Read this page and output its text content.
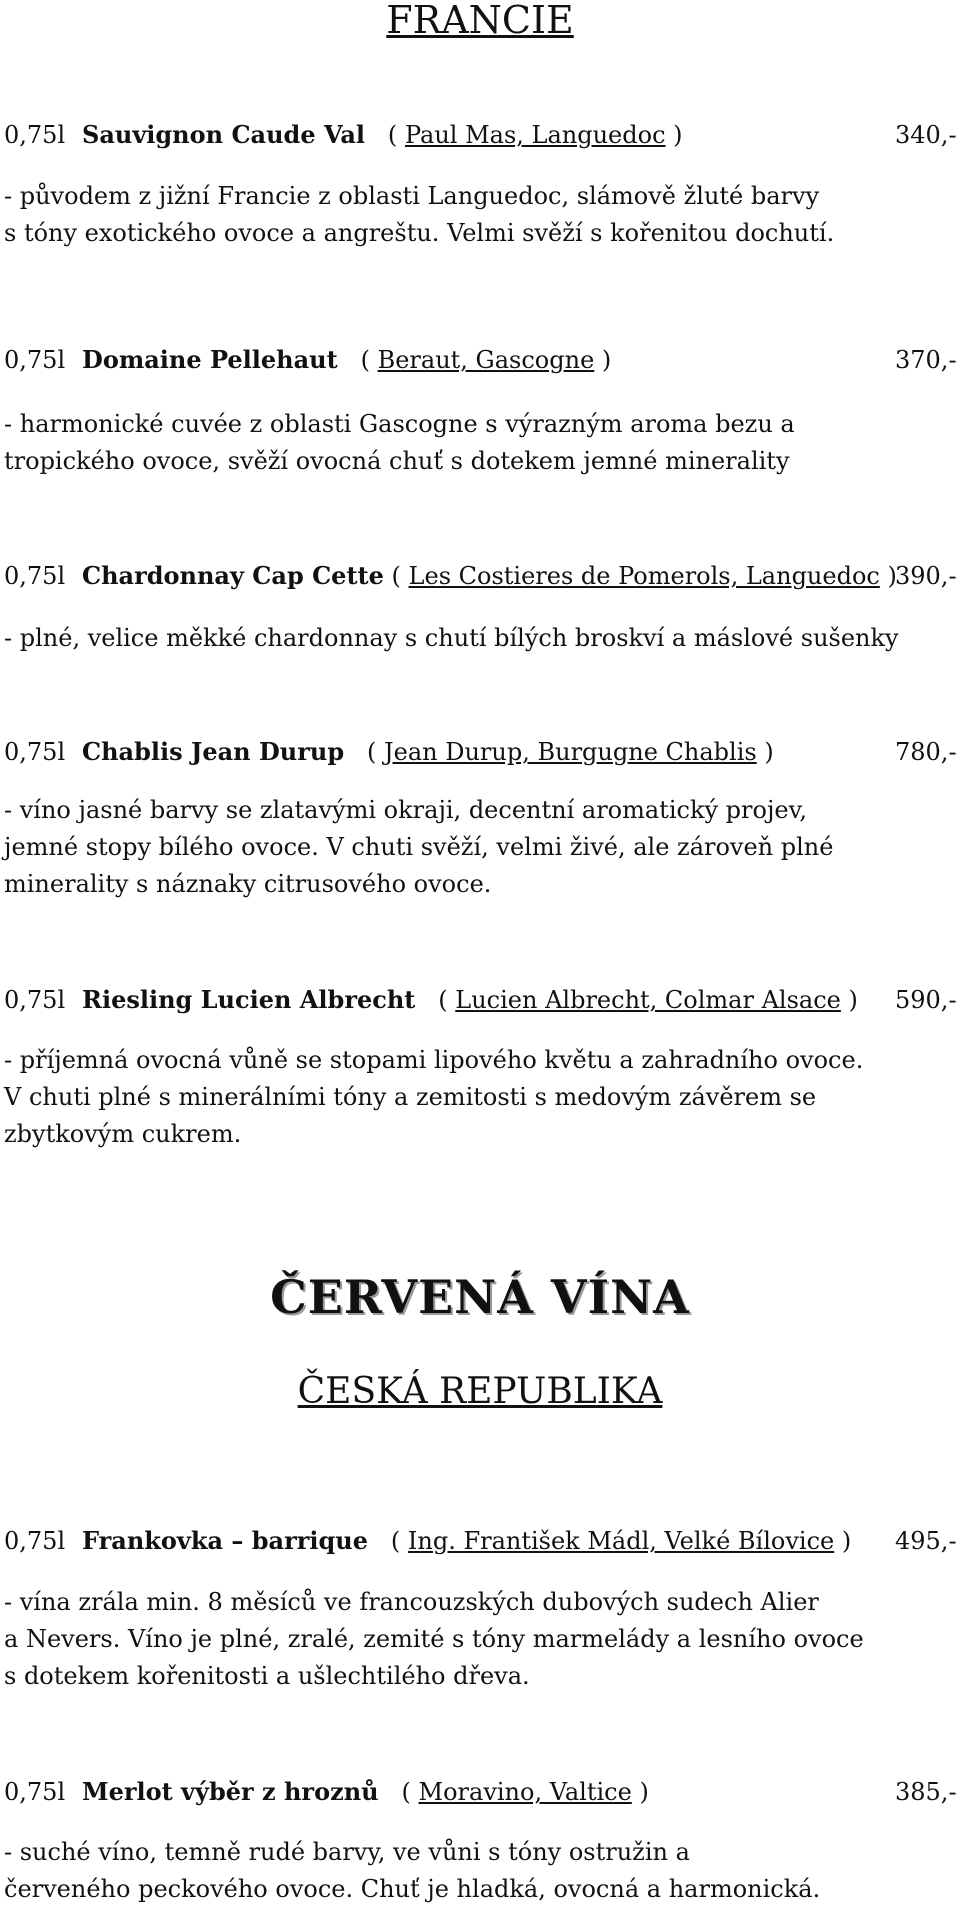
FRANCIE
0,75l Sauvignon Caude Val ( Paul Mas, Languedoc )	340,-
- původem z jižní Francie z oblasti Languedoc, slámově žluté barvy
s tóny exotického ovoce a angreštu. Velmi svěží s kořenitou dochutí.
0,75l Domaine Pellehaut ( Beraut, Gascogne )	370,-
- harmonické cuvée z oblasti Gascogne s výrazným aroma bezu a
tropického ovoce, svěží ovocná chuť s dotekem jemné minerality
0,75l Chardonnay Cap Cette ( Les Costieres de Pomerols, Languedoc )
390,-
- plné, velice měkké chardonnay s chutí bílých broskví a máslové sušenky
0,75l Chablis Jean Durup ( Jean Durup, Burgugne Chablis )	780,-
- víno jasné barvy se zlatavými okraji, decentní aromatický projev,
jemné stopy bílého ovoce. V chuti svěží, velmi živé, ale zároveň plné
minerality s náznaky citrusového ovoce.
0,75l Riesling Lucien Albrecht ( Lucien Albrecht, Colmar Alsace ) 590,-
- příjemná ovocná vůně se stopami lipového květu a zahradního ovoce.
V chuti plné s minerálními tóny a zemitosti s medovým závěrem se
zbytkovým cukrem.
ČERVENÁ VÍNA
ČESKÁ REPUBLIKA
0,75l Frankovka – barrique ( Ing. František Mádl, Velké Bílovice ) 495,-
- vína zrála min. 8 měsíců ve francouzských dubových sudech Alier
a Nevers. Víno je plné, zralé, zemité s tóny marmelády a lesního ovoce
s dotekem kořenitosti a ušlechtilého dřeva.
0,75l Merlot výběr z hroznů ( Moravino, Valtice )	385,-
- suché víno, temně rudé barvy, ve vůni s tóny ostružin a
červeného peckového ovoce. Chuť je hladká, ovocná a harmonická.
